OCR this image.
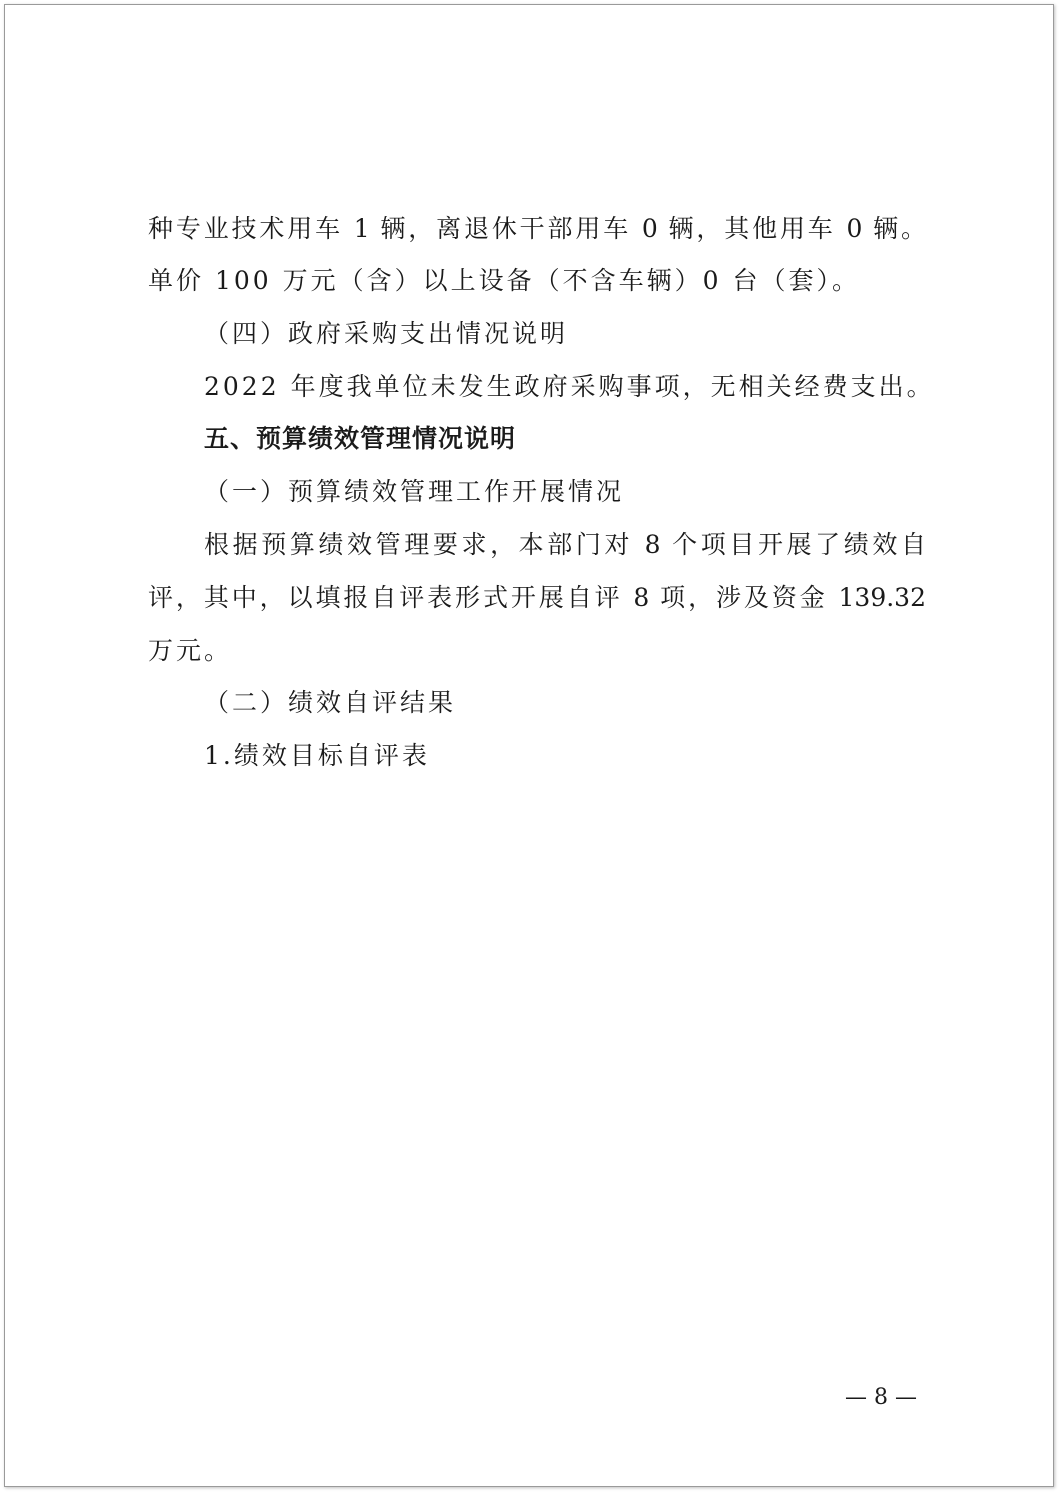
种专业技术用车 1 辆，离退休干部用车 0 辆，其他用车 0 辆。

单价 100 万元（含）以上设备（不含车辆）0 台（套）。

（四）政府采购支出情况说明

2022 年度我单位未发生政府采购事项，无相关经费支出。

五、预算绩效管理情况说明

（一）预算绩效管理工作开展情况

根据预算绩效管理要求，本部门对 8 个项目开展了绩效自

评，其中，以填报自评表形式开展自评 8 项，涉及资金 139.32

万元。

（二）绩效自评结果

1.绩效目标自评表

— 8 —
